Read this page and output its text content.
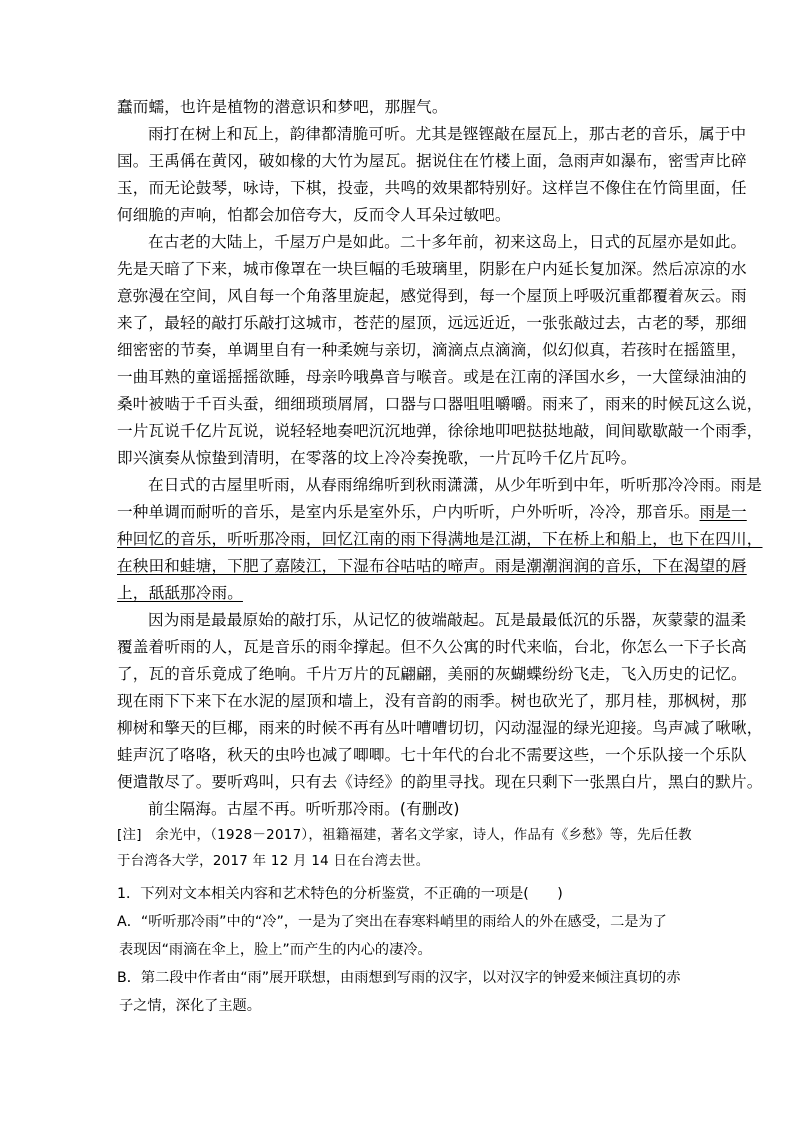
蠢而蠕，也许是植物的潜意识和梦吧，那腥气。
雨打在树上和瓦上，韵律都清脆可听。尤其是铿铿敲在屋瓦上，那古老的音乐，属于中
国。王禹偁在黄冈，破如椽的大竹为屋瓦。据说住在竹楼上面，急雨声如瀑布，密雪声比碎
玉，而无论鼓琴，咏诗，下棋，投壶，共鸣的效果都特别好。这样岂不像住在竹筒里面，任
何细脆的声响，怕都会加倍夸大，反而令人耳朵过敏吧。
在古老的大陆上，千屋万户是如此。二十多年前，初来这岛上，日式的瓦屋亦是如此。
先是天暗了下来，城市像罩在一块巨幅的毛玻璃里，阴影在户内延长复加深。然后凉凉的水
意弥漫在空间，风自每一个角落里旋起，感觉得到，每一个屋顶上呼吸沉重都覆着灰云。雨
来了，最轻的敲打乐敲打这城市，苍茫的屋顶，远远近近，一张张敲过去，古老的琴，那细
细密密的节奏，单调里自有一种柔婉与亲切，滴滴点点滴滴，似幻似真，若孩时在摇篮里，
一曲耳熟的童谣摇摇欲睡，母亲吟哦鼻音与喉音。或是在江南的泽国水乡，一大筐绿油油的
桑叶被啮于千百头蚕，细细琐琐屑屑，口器与口器咀咀嚼嚼。雨来了，雨来的时候瓦这么说，
一片瓦说千亿片瓦说，说轻轻地奏吧沉沉地弹，徐徐地叩吧挞挞地敲，间间歇歇敲一个雨季，
即兴演奏从惊蛰到清明，在零落的坟上冷冷奏挽歌，一片瓦吟千亿片瓦吟。
在日式的古屋里听雨，从春雨绵绵听到秋雨潇潇，从少年听到中年，听听那冷冷雨。雨是
一种单调而耐听的音乐，是室内乐是室外乐，户内听听，户外听听，冷冷，那音乐。雨是一
种回忆的音乐，听听那冷雨，回忆江南的雨下得满地是江湖，下在桥上和船上，也下在四川，
在秧田和蛙塘，下肥了嘉陵江，下湿布谷咕咕的啼声。雨是潮潮润润的音乐，下在渴望的唇
上，舐舐那冷雨。
因为雨是最最原始的敲打乐，从记忆的彼端敲起。瓦是最最低沉的乐器，灰蒙蒙的温柔
覆盖着听雨的人，瓦是音乐的雨伞撑起。但不久公寓的时代来临，台北，你怎么一下子长高
了，瓦的音乐竟成了绝响。千片万片的瓦翩翩，美丽的灰蝴蝶纷纷飞走，飞入历史的记忆。
现在雨下下来下在水泥的屋顶和墙上，没有音韵的雨季。树也砍光了，那月桂，那枫树，那
柳树和擎天的巨椰，雨来的时候不再有丛叶嘈嘈切切，闪动湿湿的绿光迎接。鸟声减了啾啾，
蛙声沉了咯咯，秋天的虫吟也减了唧唧。七十年代的台北不需要这些，一个乐队接一个乐队
便遣散尽了。要听鸡叫，只有去《诗经》的韵里寻找。现在只剩下一张黑白片，黑白的默片。
前尘隔海。古屋不再。听听那冷雨。(有删改)
[注]　余光中，（1928－2017），祖籍福建，著名文学家，诗人，作品有《乡愁》等，先后任教
于台湾各大学，2017 年 12 月 14 日在台湾去世。
1．下列对文本相关内容和艺术特色的分析鉴赏，不正确的一项是(　　)
A．“听听那冷雨”中的“冷”，一是为了突出在春寒料峭里的雨给人的外在感受，二是为了
表现因“雨滴在伞上，脸上”而产生的内心的凄冷。
B．第二段中作者由“雨”展开联想，由雨想到写雨的汉字，以对汉字的钟爱来倾注真切的赤
子之情，深化了主题。
